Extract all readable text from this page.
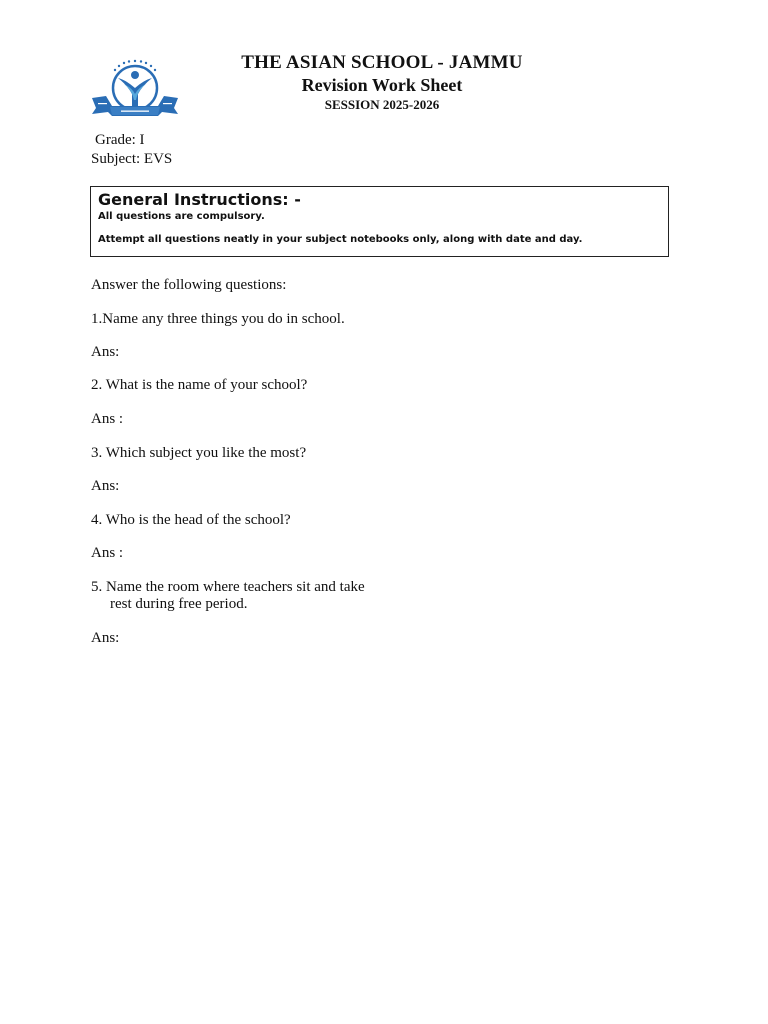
THE ASIAN SCHOOL - JAMMU
Revision Work Sheet
SESSION 2025-2026
Grade: I
Subject: EVS
General Instructions: -
All questions are compulsory.
Attempt all questions neatly in your subject notebooks only, along with date and day.
Answer the following questions:
1.Name any three things you do in school.
Ans:
2. What is the name of your school?
Ans :
3. Which subject you like the most?
Ans:
4. Who is the head of the school?
Ans :
5. Name the room where teachers sit and take
rest during free period.
Ans:
